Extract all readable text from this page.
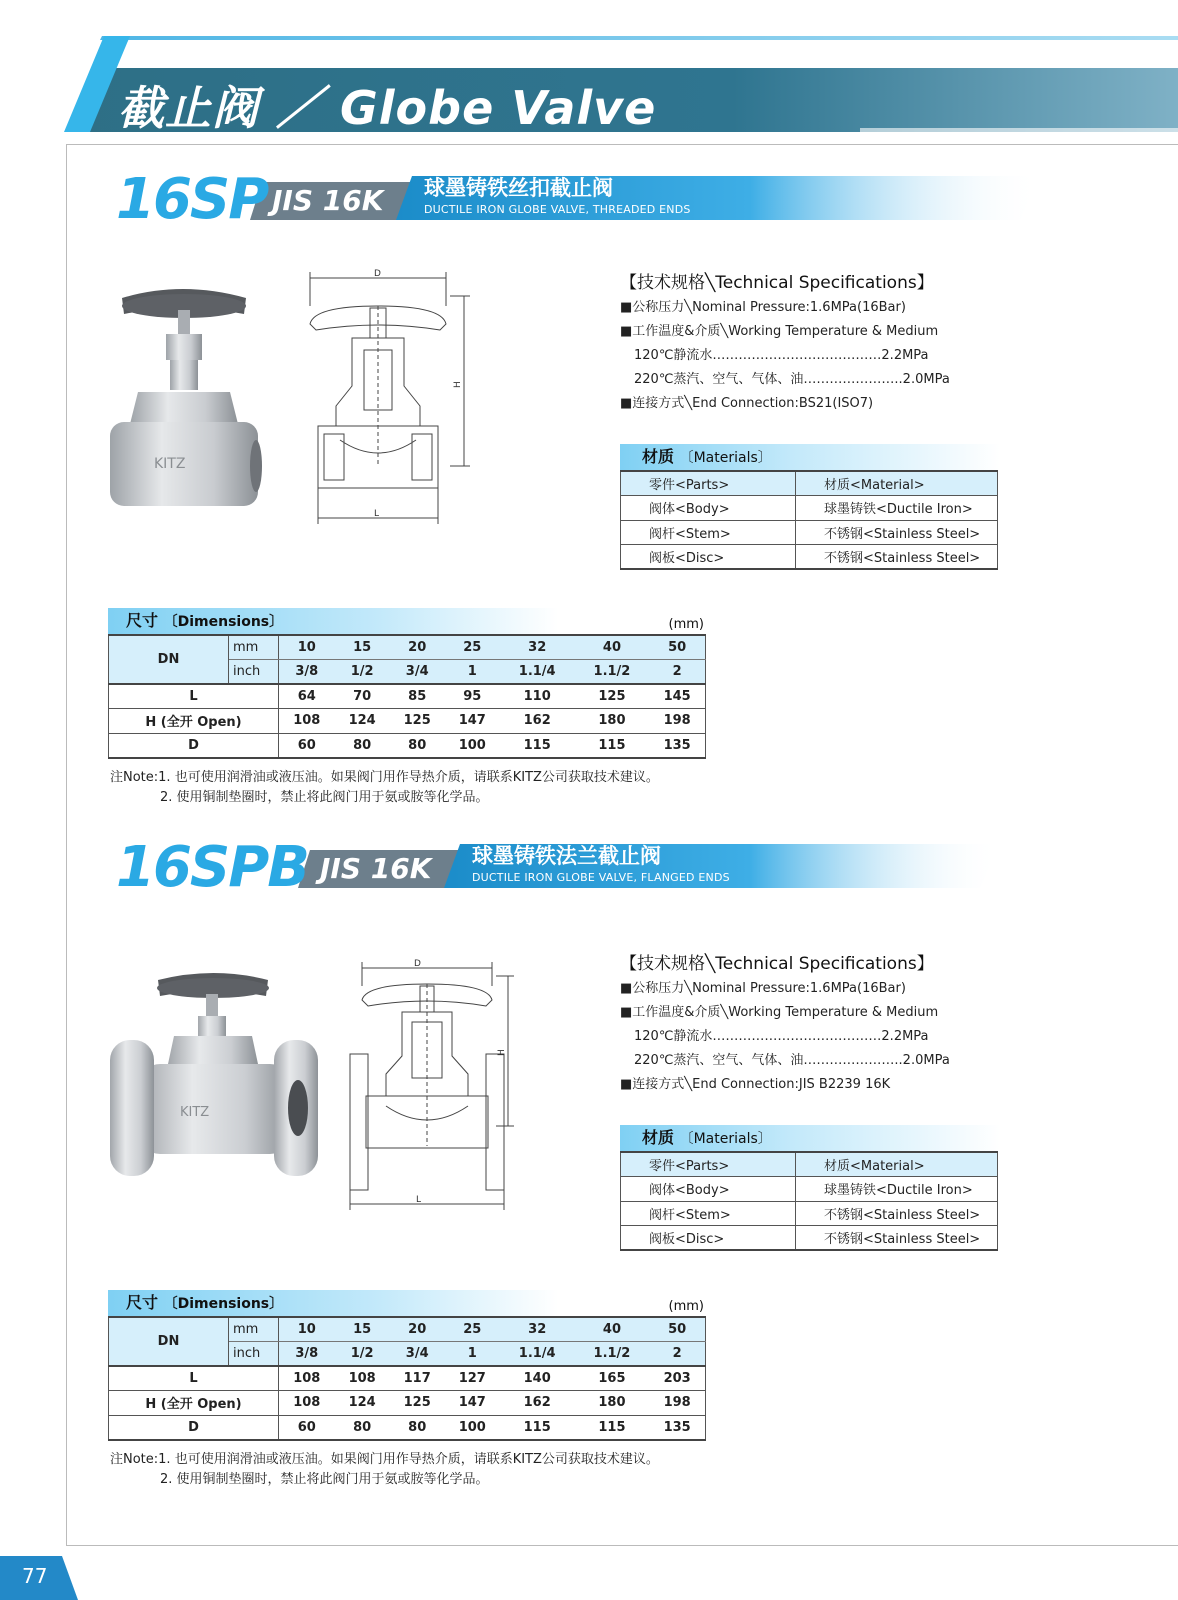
截止阀 ／ Globe Valve
16SP JIS 16K 球墨铸铁丝扣截止阀
DUCTILE IRON GLOBE VALVE, THREADED ENDS
KITZ
D
H
L
【技术规格╲Technical Specifications】
■公称压力╲Nominal Pressure:1.6MPa(16Bar)
■工作温度&介质╲Working Temperature & Medium
120℃静流水…………………………………2.2MPa
220℃蒸汽、空气、气体、油…………………..2.0MPa
■连接方式╲End Connection:BS21(ISO7)
材质 〔Materials〕
零件<Parts>	材质<Material>
阀体<Body>	球墨铸铁<Ductile Iron>
阀杆<Stem>	不锈钢<Stainless Steel>
阀板<Disc>	不锈钢<Stainless Steel>
尺寸 〔Dimensions〕	(mm)
DN	mm	10	15	20	25	32	40	50
	inch	3/8	1/2	3/4	1	1.1/4	1.1/2	2
L		64	70	85	95	110	125	145
H (全开 Open)		108	124	125	147	162	180	198
D		60	80	80	100	115	115	135
注Note:1. 也可使用润滑油或液压油。如果阀门用作导热介质，请联系KITZ公司获取技术建议。
2. 使用铜制垫圈时，禁止将此阀门用于氨或胺等化学品。
16SPB JIS 16K 球墨铸铁法兰截止阀
DUCTILE IRON GLOBE VALVE, FLANGED ENDS
KITZ
D
H
L
【技术规格╲Technical Specifications】
■公称压力╲Nominal Pressure:1.6MPa(16Bar)
■工作温度&介质╲Working Temperature & Medium
120℃静流水…………………………………2.2MPa
220℃蒸汽、空气、气体、油…………………..2.0MPa
■连接方式╲End Connection:JIS B2239 16K
材质 〔Materials〕
零件<Parts>	材质<Material>
阀体<Body>	球墨铸铁<Ductile Iron>
阀杆<Stem>	不锈钢<Stainless Steel>
阀板<Disc>	不锈钢<Stainless Steel>
尺寸 〔Dimensions〕	(mm)
DN	mm	10	15	20	25	32	40	50
	inch	3/8	1/2	3/4	1	1.1/4	1.1/2	2
L		108	108	117	127	140	165	203
H (全开 Open)		108	124	125	147	162	180	198
D		60	80	80	100	115	115	135
注Note:1. 也可使用润滑油或液压油。如果阀门用作导热介质，请联系KITZ公司获取技术建议。
2. 使用铜制垫圈时，禁止将此阀门用于氨或胺等化学品。
77
